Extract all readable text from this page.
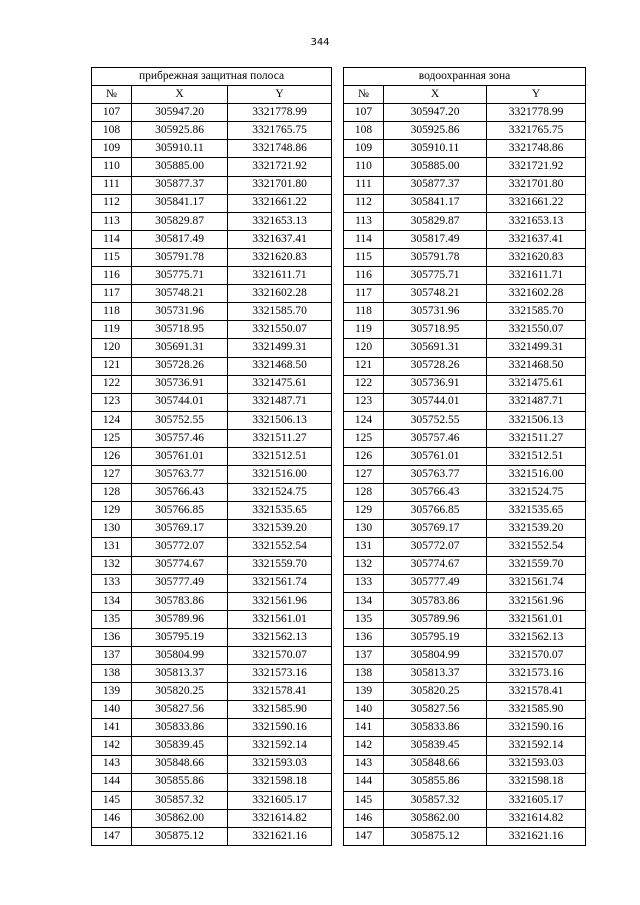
344
прибрежная защитная полоса				водоохранная зона		
№	X	Y		№	X	Y
107	305947.20	3321778.99		107	305947.20	3321778.99
108	305925.86	3321765.75		108	305925.86	3321765.75
109	305910.11	3321748.86		109	305910.11	3321748.86
110	305885.00	3321721.92		110	305885.00	3321721.92
111	305877.37	3321701.80		111	305877.37	3321701.80
112	305841.17	3321661.22		112	305841.17	3321661.22
113	305829.87	3321653.13		113	305829.87	3321653.13
114	305817.49	3321637.41		114	305817.49	3321637.41
115	305791.78	3321620.83		115	305791.78	3321620.83
116	305775.71	3321611.71		116	305775.71	3321611.71
117	305748.21	3321602.28		117	305748.21	3321602.28
118	305731.96	3321585.70		118	305731.96	3321585.70
119	305718.95	3321550.07		119	305718.95	3321550.07
120	305691.31	3321499.31		120	305691.31	3321499.31
121	305728.26	3321468.50		121	305728.26	3321468.50
122	305736.91	3321475.61		122	305736.91	3321475.61
123	305744.01	3321487.71		123	305744.01	3321487.71
124	305752.55	3321506.13		124	305752.55	3321506.13
125	305757.46	3321511.27		125	305757.46	3321511.27
126	305761.01	3321512.51		126	305761.01	3321512.51
127	305763.77	3321516.00		127	305763.77	3321516.00
128	305766.43	3321524.75		128	305766.43	3321524.75
129	305766.85	3321535.65		129	305766.85	3321535.65
130	305769.17	3321539.20		130	305769.17	3321539.20
131	305772.07	3321552.54		131	305772.07	3321552.54
132	305774.67	3321559.70		132	305774.67	3321559.70
133	305777.49	3321561.74		133	305777.49	3321561.74
134	305783.86	3321561.96		134	305783.86	3321561.96
135	305789.96	3321561.01		135	305789.96	3321561.01
136	305795.19	3321562.13		136	305795.19	3321562.13
137	305804.99	3321570.07		137	305804.99	3321570.07
138	305813.37	3321573.16		138	305813.37	3321573.16
139	305820.25	3321578.41		139	305820.25	3321578.41
140	305827.56	3321585.90		140	305827.56	3321585.90
141	305833.86	3321590.16		141	305833.86	3321590.16
142	305839.45	3321592.14		142	305839.45	3321592.14
143	305848.66	3321593.03		143	305848.66	3321593.03
144	305855.86	3321598.18		144	305855.86	3321598.18
145	305857.32	3321605.17		145	305857.32	3321605.17
146	305862.00	3321614.82		146	305862.00	3321614.82
147	305875.12	3321621.16		147	305875.12	3321621.16
